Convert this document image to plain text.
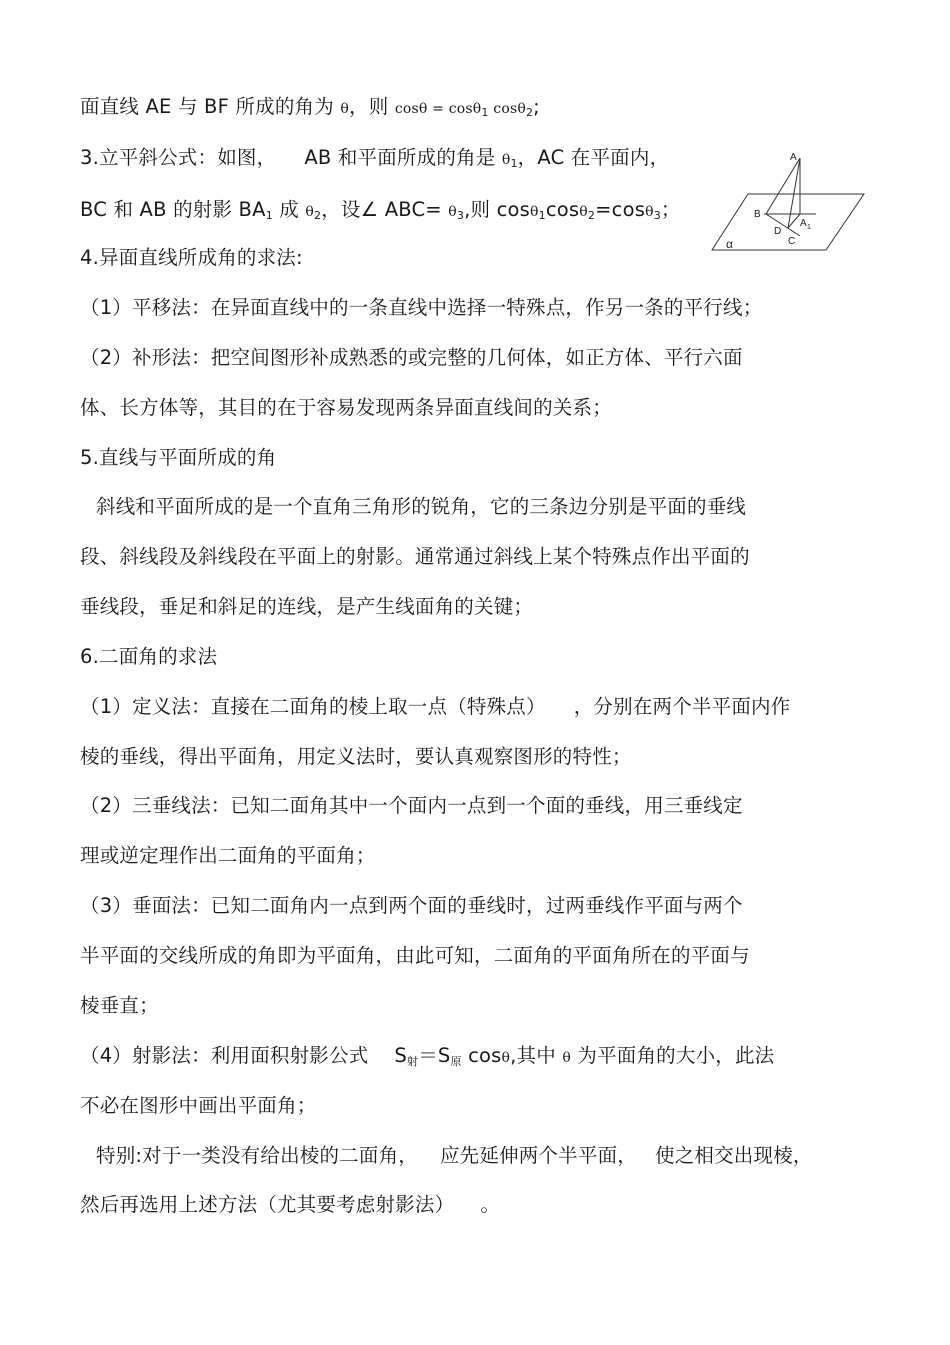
面直线 AE 与 BF 所成的角为 θ，则 cosθ = cosθ$_1$ cosθ$_2$;
3.立平斜公式：如图， AB 和平面所成的角是 $\theta_1$，AC 在平面内，
BC 和 AB 的射影 $BA_1$ 成 $\theta_2$，设∠ $ABC= \theta_3$,则 cosθ$_1$cosθ$_2$=cosθ$_3$；
4.异面直线所成角的求法:
（1）平移法：在异面直线中的一条直线中选择一特殊点，作另一条的平行线；
（2）补形法：把空间图形补成熟悉的或完整的几何体，如正方体、平行六面
体、长方体等，其目的在于容易发现两条异面直线间的关系；
5.直线与平面所成的角
斜线和平面所成的是一个直角三角形的锐角，它的三条边分别是平面的垂线
段、斜线段及斜线段在平面上的射影。通常通过斜线上某个特殊点作出平面的
垂线段，垂足和斜足的连线，是产生线面角的关键；
6.二面角的求法
（1）定义法：直接在二面角的棱上取一点（特殊点） ，分别在两个半平面内作
棱的垂线，得出平面角，用定义法时，要认真观察图形的特性；
（2）三垂线法：已知二面角其中一个面内一点到一个面的垂线，用三垂线定
理或逆定理作出二面角的平面角；
（3）垂面法：已知二面角内一点到两个面的垂线时，过两垂线作平面与两个
半平面的交线所成的角即为平面角，由此可知，二面角的平面角所在的平面与
棱垂直；
（4）射影法：利用面积射影公式 $S_射=S_原$ cosθ,其中 θ 为平面角的大小，此法
不必在图形中画出平面角；
特别:对于一类没有给出棱的二面角， 应先延伸两个半平面， 使之相交出现棱，
然后再选用上述方法（尤其要考虑射影法） 。
A
B
A 1
D
C
α
